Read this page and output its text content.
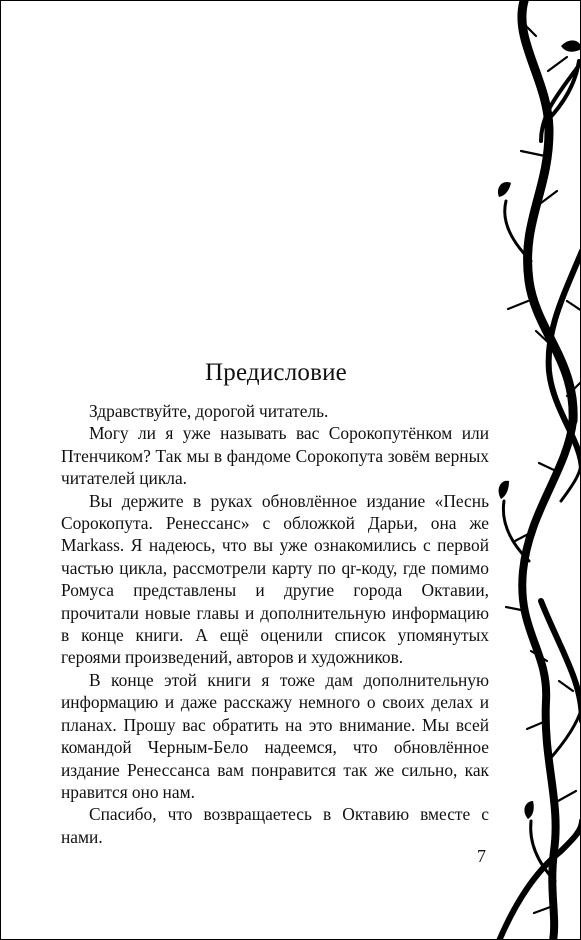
Предисловие

Здравствуйте, дорогой читатель.

Могу ли я уже называть вас Сорокопутёнком или Птенчиком? Так мы в фандоме Сорокопута зовём верных читателей цикла.

Вы держите в руках обновлённое издание «Песнь Сорокопута. Ренессанс» с обложкой Дарьи, она же Markass. Я надеюсь, что вы уже ознакомились с первой частью цикла, рассмотрели карту по qr-коду, где помимо Ромуса представлены и другие города Октавии, прочитали новые главы и дополнительную информацию в конце книги. А ещё оценили список упомянутых героями произведений, авторов и художников.

В конце этой книги я тоже дам дополнительную информацию и даже расскажу немного о своих делах и планах. Прошу вас обратить на это внимание. Мы всей командой Черным-Бело надеемся, что обновлённое издание Ренессанса вам понравится так же сильно, как нравится оно нам.

Спасибо, что возвращаетесь в Октавию вместе с нами.

7
